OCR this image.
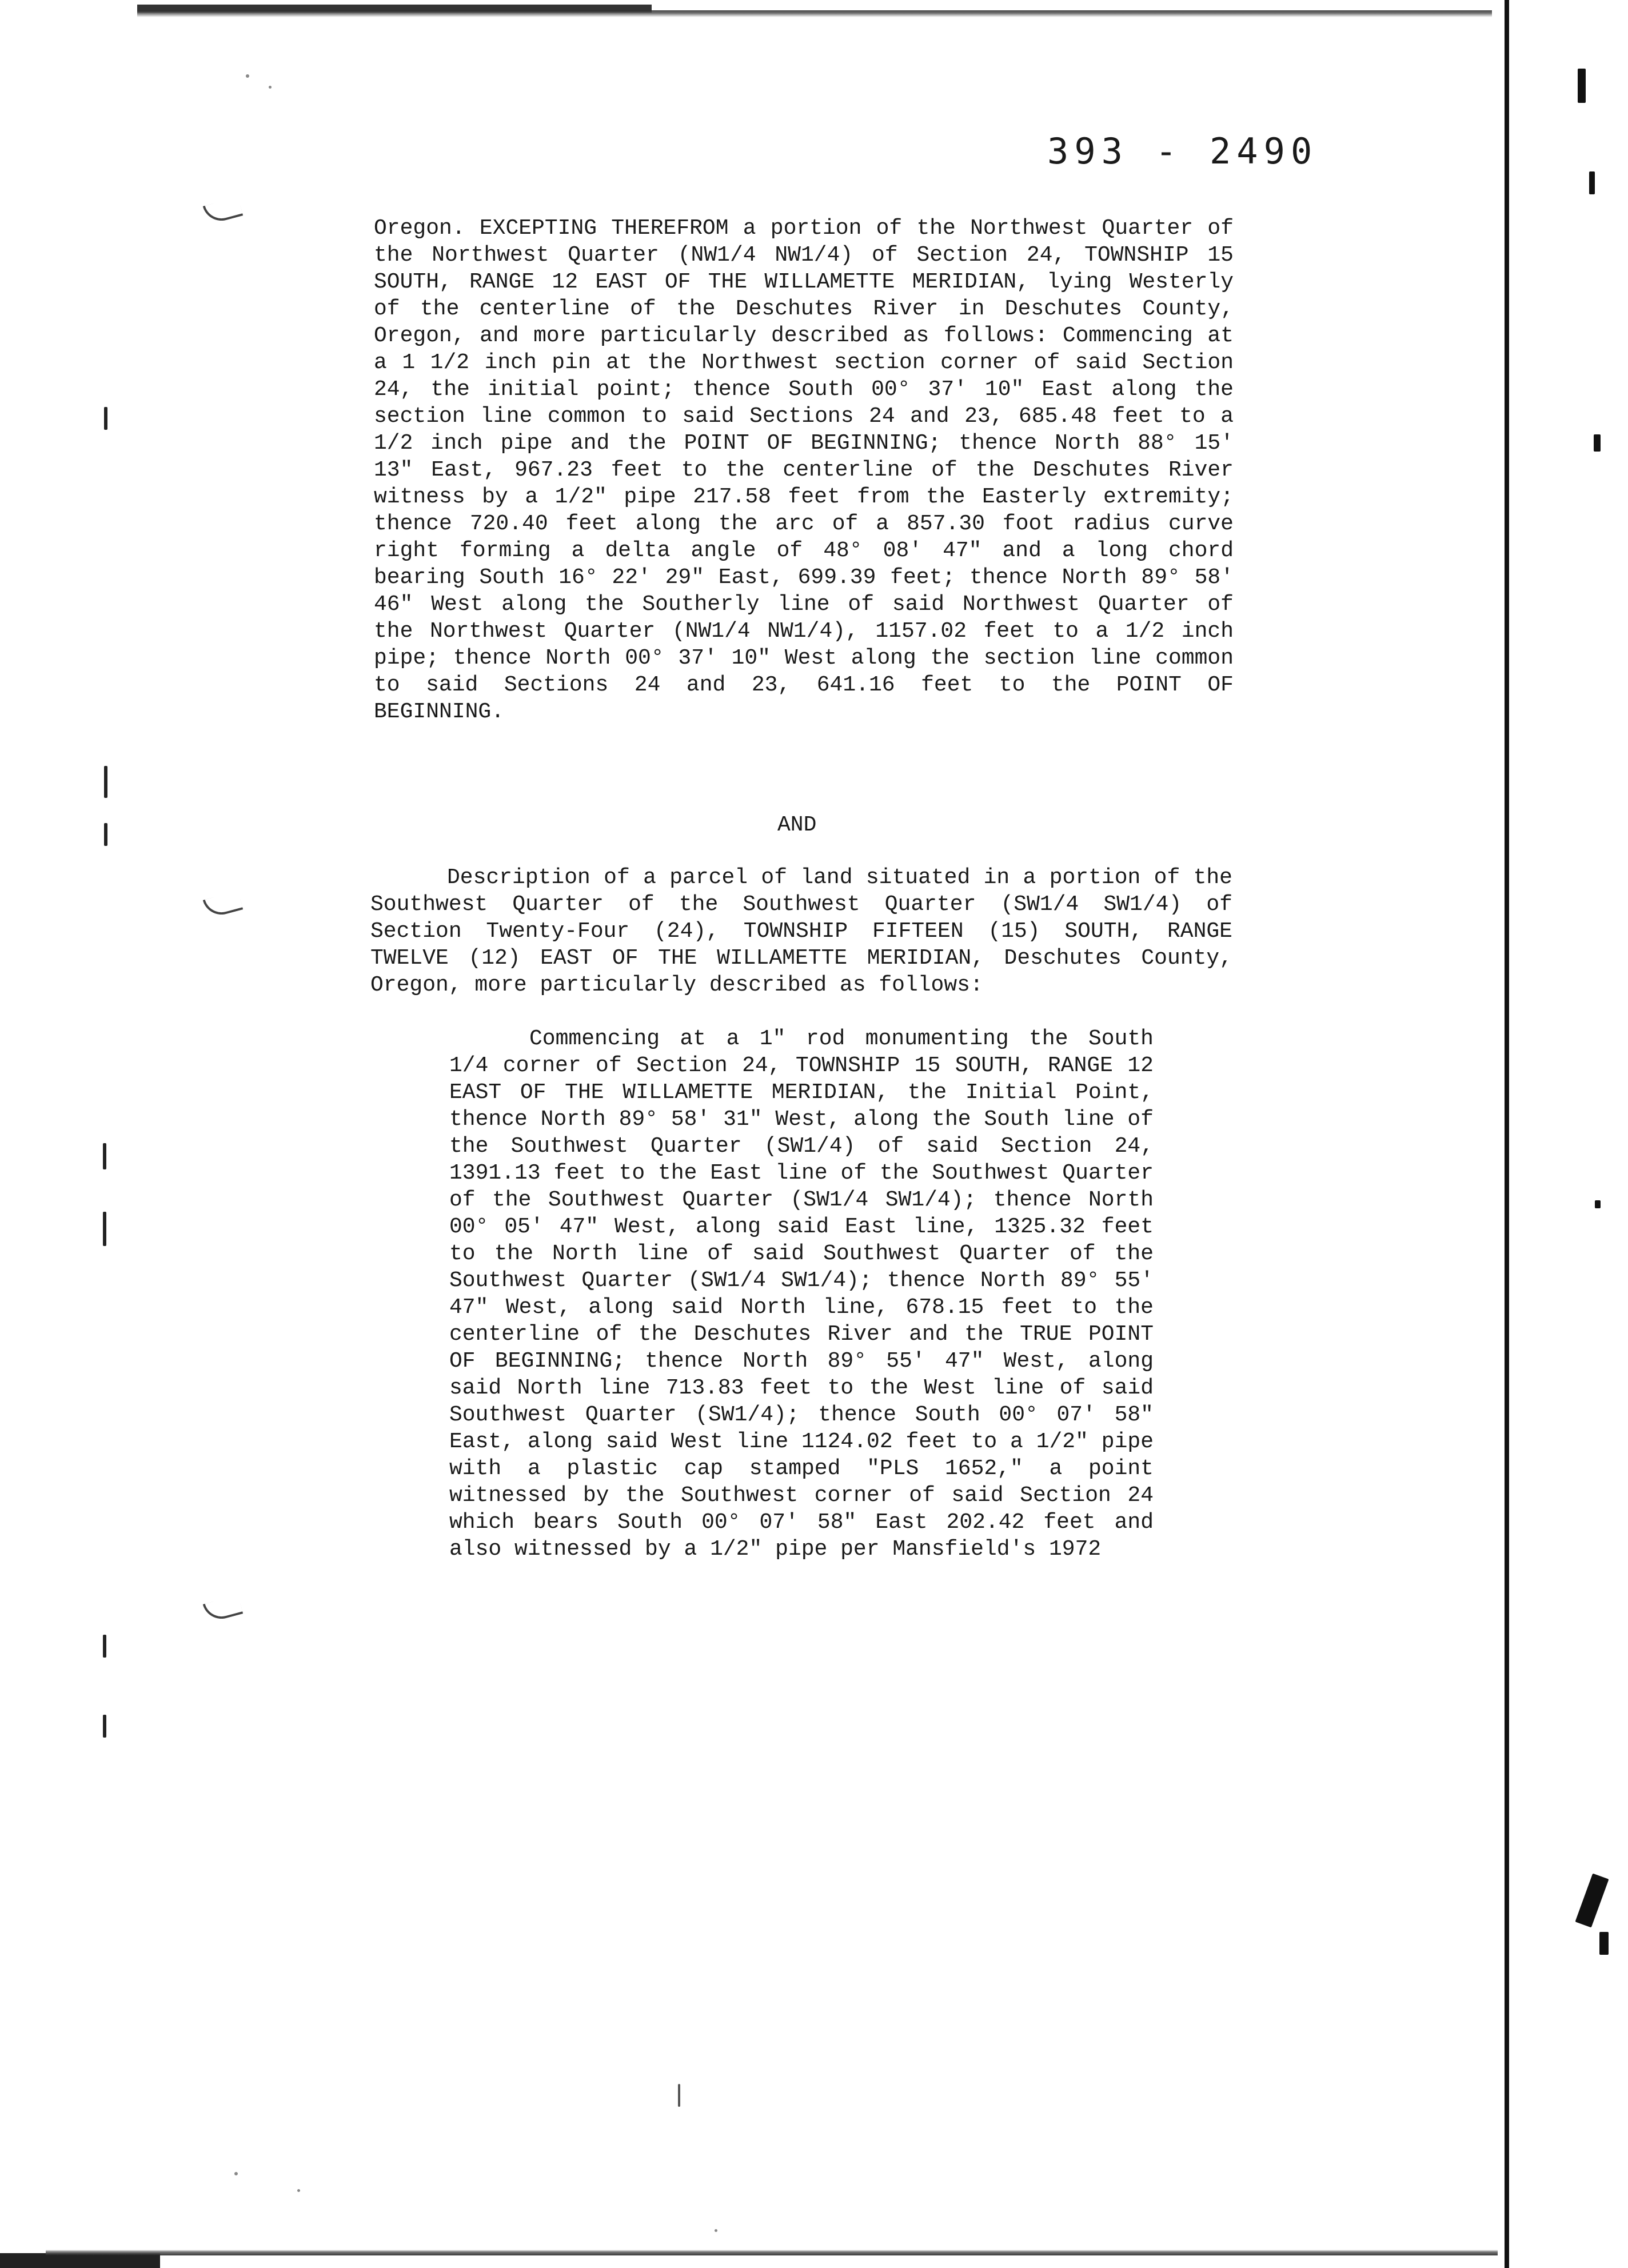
393 - 2490

Oregon. EXCEPTING THEREFROM a portion of the Northwest Quarter of the Northwest Quarter (NW1/4 NW1/4) of Section 24, TOWNSHIP 15 SOUTH, RANGE 12 EAST OF THE WILLAMETTE MERIDIAN, lying Westerly of the centerline of the Deschutes River in Deschutes County, Oregon, and more particularly described as follows: Commencing at a 1 1/2 inch pin at the Northwest section corner of said Section 24, the initial point; thence South 00° 37' 10" East along the section line common to said Sections 24 and 23, 685.48 feet to a 1/2 inch pipe and the POINT OF BEGINNING; thence North 88° 15' 13" East, 967.23 feet to the centerline of the Deschutes River witness by a 1/2" pipe 217.58 feet from the Easterly extremity; thence 720.40 feet along the arc of a 857.30 foot radius curve right forming a delta angle of 48° 08' 47" and a long chord bearing South 16° 22' 29" East, 699.39 feet; thence North 89° 58' 46" West along the Southerly line of said Northwest Quarter of the Northwest Quarter (NW1/4 NW1/4), 1157.02 feet to a 1/2 inch pipe; thence North 00° 37' 10" West along the section line common to said Sections 24 and 23, 641.16 feet to the POINT OF BEGINNING.

AND

Description of a parcel of land situated in a portion of the Southwest Quarter of the Southwest Quarter (SW1/4 SW1/4) of Section Twenty-Four (24), TOWNSHIP FIFTEEN (15) SOUTH, RANGE TWELVE (12) EAST OF THE WILLAMETTE MERIDIAN, Deschutes County, Oregon, more particularly described as follows:

Commencing at a 1" rod monumenting the South 1/4 corner of Section 24, TOWNSHIP 15 SOUTH, RANGE 12 EAST OF THE WILLAMETTE MERIDIAN, the Initial Point, thence North 89° 58' 31" West, along the South line of the Southwest Quarter (SW1/4) of said Section 24, 1391.13 feet to the East line of the Southwest Quarter of the Southwest Quarter (SW1/4 SW1/4); thence North 00° 05' 47" West, along said East line, 1325.32 feet to the North line of said Southwest Quarter of the Southwest Quarter (SW1/4 SW1/4); thence North 89° 55' 47" West, along said North line, 678.15 feet to the centerline of the Deschutes River and the TRUE POINT OF BEGINNING; thence North 89° 55' 47" West, along said North line 713.83 feet to the West line of said Southwest Quarter (SW1/4); thence South 00° 07' 58" East, along said West line 1124.02 feet to a 1/2" pipe with a plastic cap stamped "PLS 1652," a point witnessed by the Southwest corner of said Section 24 which bears South 00° 07' 58" East 202.42 feet and also witnessed by a 1/2" pipe per Mansfield's 1972
